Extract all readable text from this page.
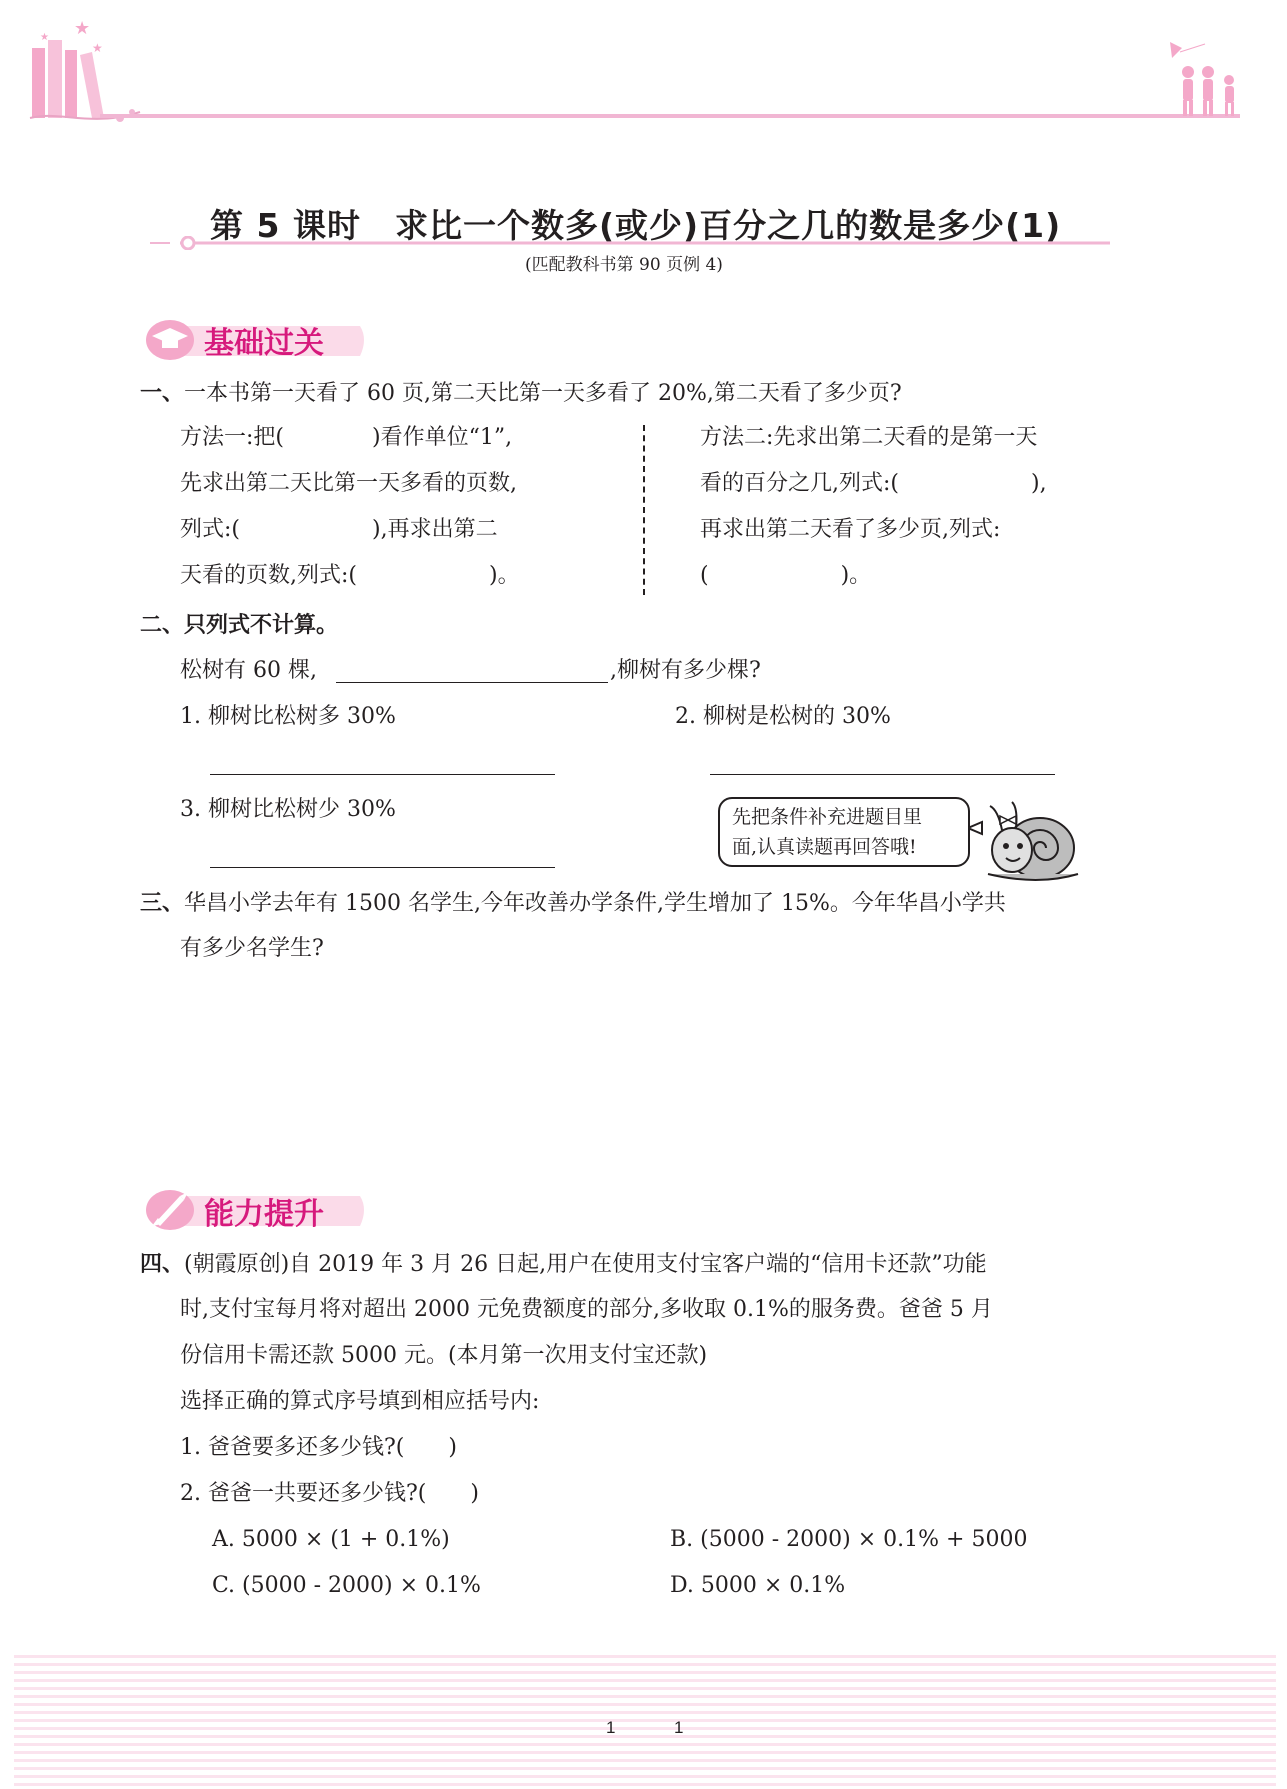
★
★
★
第 5 课时　求比一个数多(或少)百分之几的数是多少(1)
(匹配教科书第 90 页例 4)
基础过关
一、一本书第一天看了 60 页,第二天比第一天多看了 20%,第二天看了多少页?
方法一:把(　　　　)看作单位“1”,
先求出第二天比第一天多看的页数,
列式:(　　　　　　),再求出第二
天看的页数,列式:(　　　　　　)。
方法二:先求出第二天看的是第一天
看的百分之几,列式:(　　　　　　),
再求出第二天看了多少页,列式:
(　　　　　　)。
二、只列式不计算。
松树有 60 棵,	,柳树有多少棵?
1. 柳树比松树多 30%	2. 柳树是松树的 30%
3. 柳树比松树少 30%	先把条件补充进题目里
面,认真读题再回答哦!
三、华昌小学去年有 1500 名学生,今年改善办学条件,学生增加了 15%。今年华昌小学共
有多少名学生?
能力提升
四、(朝霞原创)自 2019 年 3 月 26 日起,用户在使用支付宝客户端的“信用卡还款”功能
时,支付宝每月将对超出 2000 元免费额度的部分,多收取 0.1%的服务费。爸爸 5 月
份信用卡需还款 5000 元。(本月第一次用支付宝还款)
选择正确的算式序号填到相应括号内:
1. 爸爸要多还多少钱?(　　)
2. 爸爸一共要还多少钱?(　　)
A. 5000 × (1 + 0.1%)	B. (5000 - 2000) × 0.1% + 5000
C. (5000 - 2000) × 0.1%	D. 5000 × 0.1%
1	1
